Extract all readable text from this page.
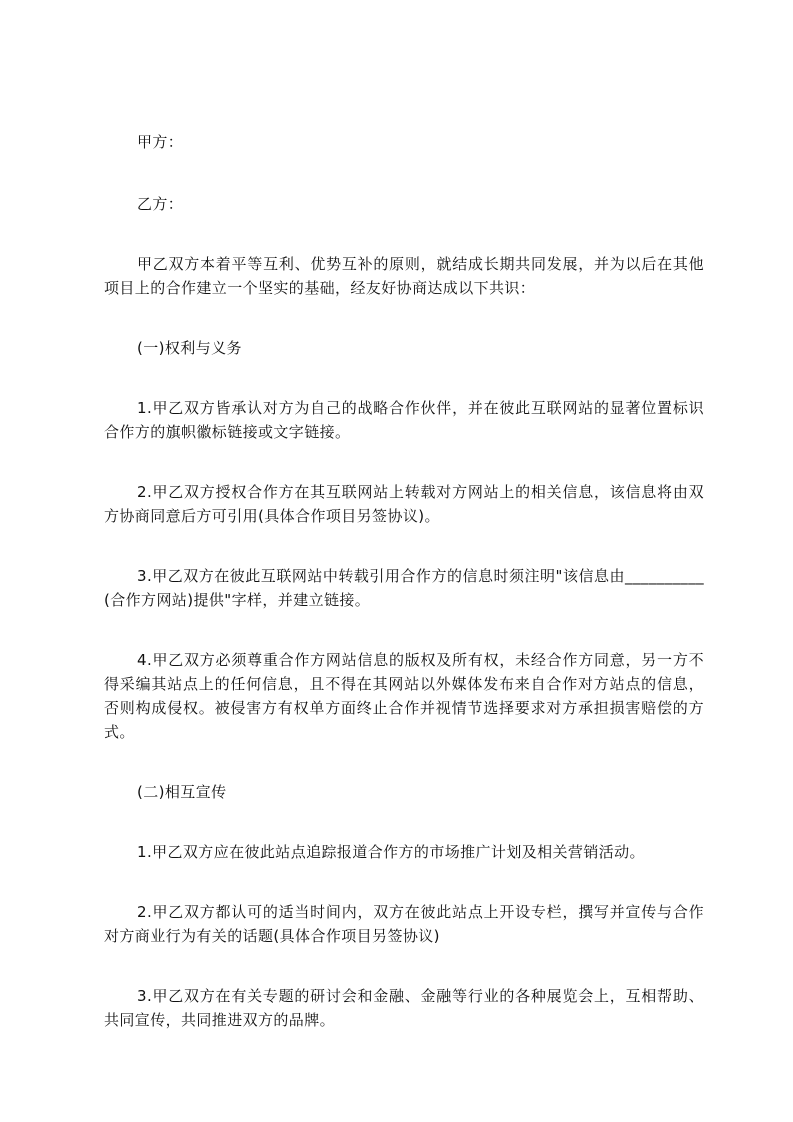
甲方：

乙方：

甲乙双方本着平等互利、优势互补的原则，就结成长期共同发展，并为以后在其他项目上的合作建立一个坚实的基础，经友好协商达成以下共识：

(一)权利与义务

1.甲乙双方皆承认对方为自己的战略合作伙伴，并在彼此互联网站的显著位置标识合作方的旗帜徽标链接或文字链接。

2.甲乙双方授权合作方在其互联网站上转载对方网站上的相关信息，该信息将由双方协商同意后方可引用(具体合作项目另签协议)。

3.甲乙双方在彼此互联网站中转载引用合作方的信息时须注明"该信息由__________(合作方网站)提供"字样，并建立链接。

4.甲乙双方必须尊重合作方网站信息的版权及所有权，未经合作方同意，另一方不得采编其站点上的任何信息，且不得在其网站以外媒体发布来自合作对方站点的信息，否则构成侵权。被侵害方有权单方面终止合作并视情节选择要求对方承担损害赔偿的方式。

(二)相互宣传

1.甲乙双方应在彼此站点追踪报道合作方的市场推广计划及相关营销活动。

2.甲乙双方都认可的适当时间内，双方在彼此站点上开设专栏，撰写并宣传与合作对方商业行为有关的话题(具体合作项目另签协议)

3.甲乙双方在有关专题的研讨会和金融、金融等行业的各种展览会上，互相帮助、共同宣传，共同推进双方的品牌。
